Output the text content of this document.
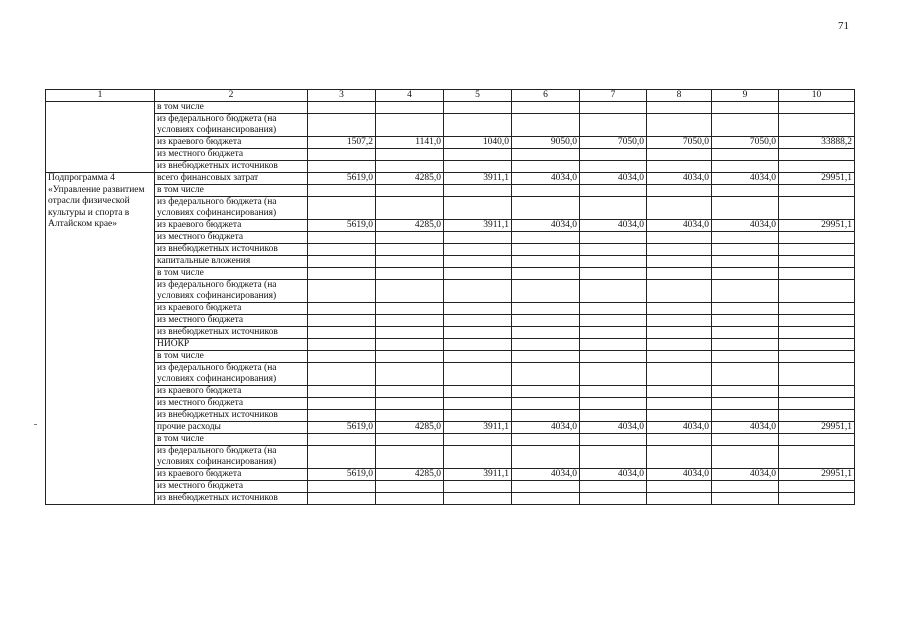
71
1	2	3	4	5	6	7	8	9	10
	в том числе								
	из федерального бюджета (на условиях софинансирования)								
	из краевого бюджета	1507,2	1141,0	1040,0	9050,0	7050,0	7050,0	7050,0	33888,2
	из местного бюджета								
	из внебюджетных источников								
Подпрограмма 4 «Управление развитием отрасли физической культуры и спорта в Алтайском крае»	всего финансовых затрат	5619,0	4285,0	3911,1	4034,0	4034,0	4034,0	4034,0	29951,1
	в том числе								
	из федерального бюджета (на условиях софинансирования)								
	из краевого бюджета	5619,0	4285,0	3911,1	4034,0	4034,0	4034,0	4034,0	29951,1
	из местного бюджета								
	из внебюджетных источников								
	капитальные вложения								
	в том числе								
	из федерального бюджета (на условиях софинансирования)								
	из краевого бюджета								
	из местного бюджета								
	из внебюджетных источников								
	НИОКР								
	в том числе								
	из федерального бюджета (на условиях софинансирования)								
	из краевого бюджета								
	из местного бюджета								
	из внебюджетных источников								
	прочие расходы	5619,0	4285,0	3911,1	4034,0	4034,0	4034,0	4034,0	29951,1
	в том числе								
	из федерального бюджета (на условиях софинансирования)								
	из краевого бюджета	5619,0	4285,0	3911,1	4034,0	4034,0	4034,0	4034,0	29951,1
	из местного бюджета								
	из внебюджетных источников								
